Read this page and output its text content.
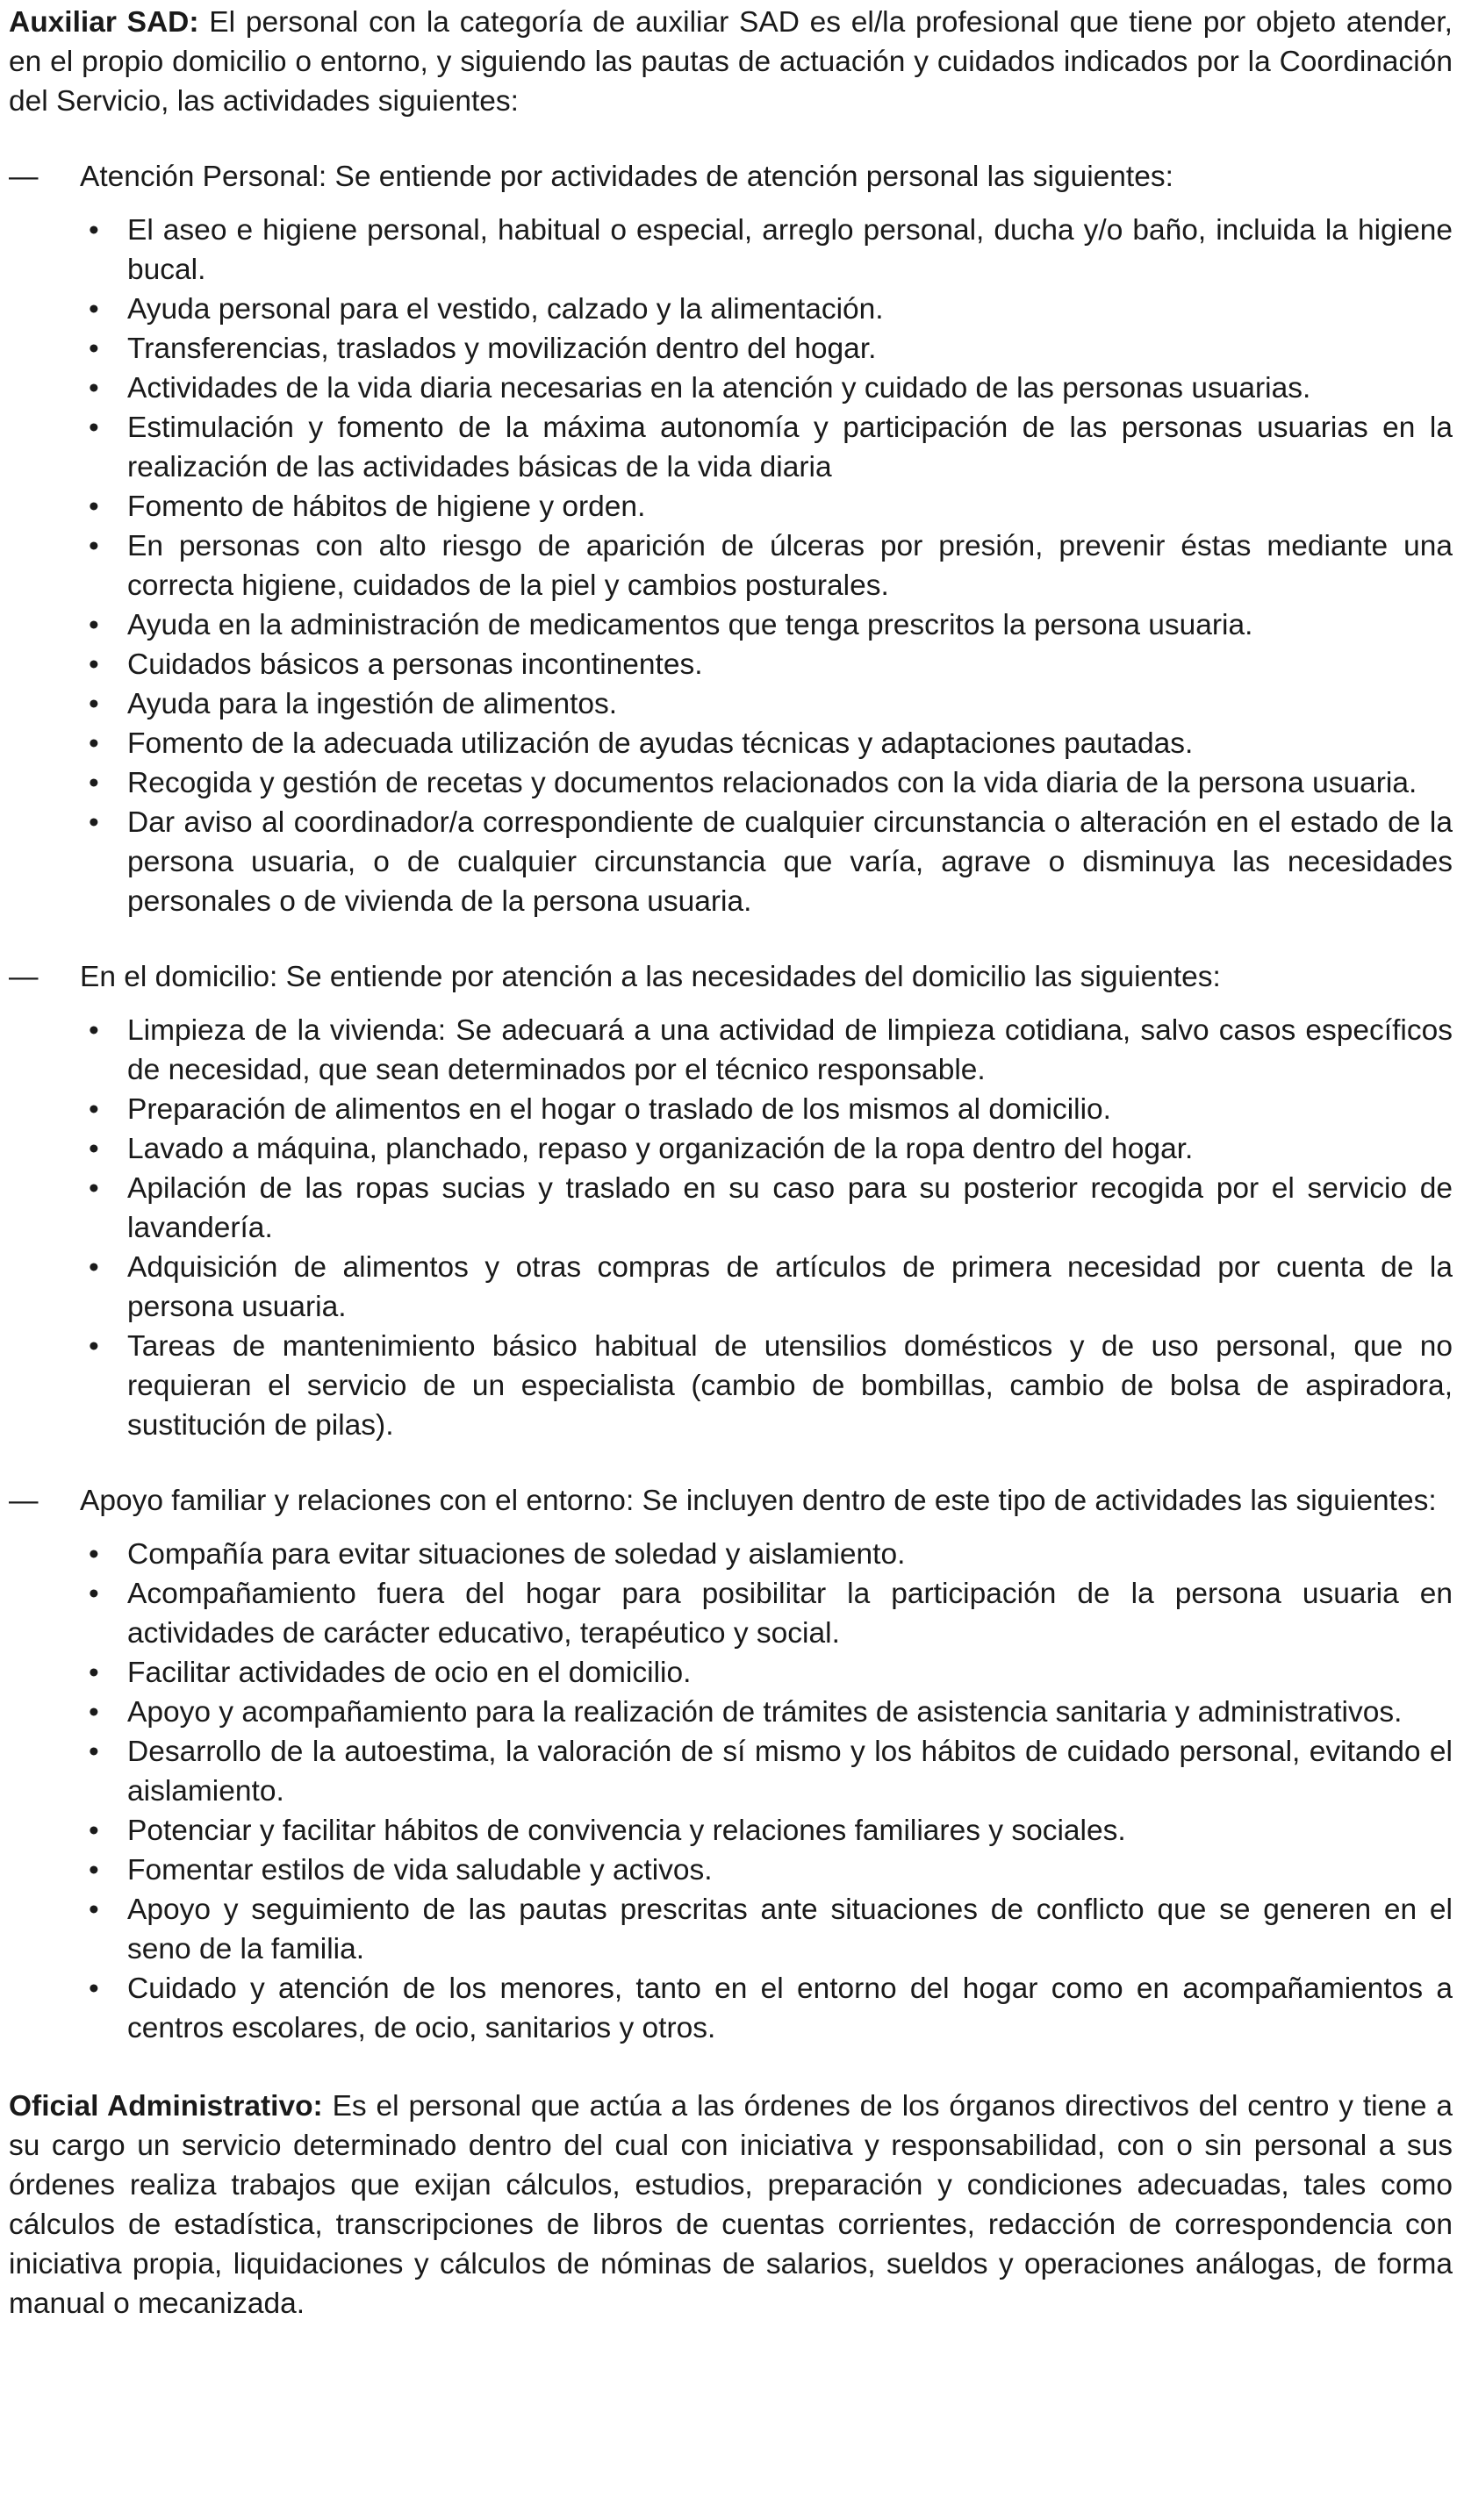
Auxiliar SAD: El personal con la categoría de auxiliar SAD es el/la profesional que tiene por objeto atender, en el propio domicilio o entorno, y siguiendo las pautas de actuación y cuidados indicados por la Coordinación del Servicio, las actividades siguientes:

— Atención Personal: Se entiende por actividades de atención personal las siguientes:
• El aseo e higiene personal, habitual o especial, arreglo personal, ducha y/o baño, incluida la higiene bucal.
• Ayuda personal para el vestido, calzado y la alimentación.
• Transferencias, traslados y movilización dentro del hogar.
• Actividades de la vida diaria necesarias en la atención y cuidado de las personas usuarias.
• Estimulación y fomento de la máxima autonomía y participación de las personas usuarias en la realización de las actividades básicas de la vida diaria
• Fomento de hábitos de higiene y orden.
• En personas con alto riesgo de aparición de úlceras por presión, prevenir éstas mediante una correcta higiene, cuidados de la piel y cambios posturales.
• Ayuda en la administración de medicamentos que tenga prescritos la persona usuaria.
• Cuidados básicos a personas incontinentes.
• Ayuda para la ingestión de alimentos.
• Fomento de la adecuada utilización de ayudas técnicas y adaptaciones pautadas.
• Recogida y gestión de recetas y documentos relacionados con la vida diaria de la persona usuaria.
• Dar aviso al coordinador/a correspondiente de cualquier circunstancia o alteración en el estado de la persona usuaria, o de cualquier circunstancia que varía, agrave o disminuya las necesidades personales o de vivienda de la persona usuaria.
— En el domicilio: Se entiende por atención a las necesidades del domicilio las siguientes:
• Limpieza de la vivienda: Se adecuará a una actividad de limpieza cotidiana, salvo casos específicos de necesidad, que sean determinados por el técnico responsable.
• Preparación de alimentos en el hogar o traslado de los mismos al domicilio.
• Lavado a máquina, planchado, repaso y organización de la ropa dentro del hogar.
• Apilación de las ropas sucias y traslado en su caso para su posterior recogida por el servicio de lavandería.
• Adquisición de alimentos y otras compras de artículos de primera necesidad por cuenta de la persona usuaria.
• Tareas de mantenimiento básico habitual de utensilios domésticos y de uso personal, que no requieran el servicio de un especialista (cambio de bombillas, cambio de bolsa de aspiradora, sustitución de pilas).
— Apoyo familiar y relaciones con el entorno: Se incluyen dentro de este tipo de actividades las siguientes:
• Compañía para evitar situaciones de soledad y aislamiento.
• Acompañamiento fuera del hogar para posibilitar la participación de la persona usuaria en actividades de carácter educativo, terapéutico y social.
• Facilitar actividades de ocio en el domicilio.
• Apoyo y acompañamiento para la realización de trámites de asistencia sanitaria y administrativos.
• Desarrollo de la autoestima, la valoración de sí mismo y los hábitos de cuidado personal, evitando el aislamiento.
• Potenciar y facilitar hábitos de convivencia y relaciones familiares y sociales.
• Fomentar estilos de vida saludable y activos.
• Apoyo y seguimiento de las pautas prescritas ante situaciones de conflicto que se generen en el seno de la familia.
• Cuidado y atención de los menores, tanto en el entorno del hogar como en acompañamientos a centros escolares, de ocio, sanitarios y otros.

Oficial Administrativo: Es el personal que actúa a las órdenes de los órganos directivos del centro y tiene a su cargo un servicio determinado dentro del cual con iniciativa y responsabilidad, con o sin personal a sus órdenes realiza trabajos que exijan cálculos, estudios, preparación y condiciones adecuadas, tales como cálculos de estadística, transcripciones de libros de cuentas corrientes, redacción de correspondencia con iniciativa propia, liquidaciones y cálculos de nóminas de salarios, sueldos y operaciones análogas, de forma manual o mecanizada.
